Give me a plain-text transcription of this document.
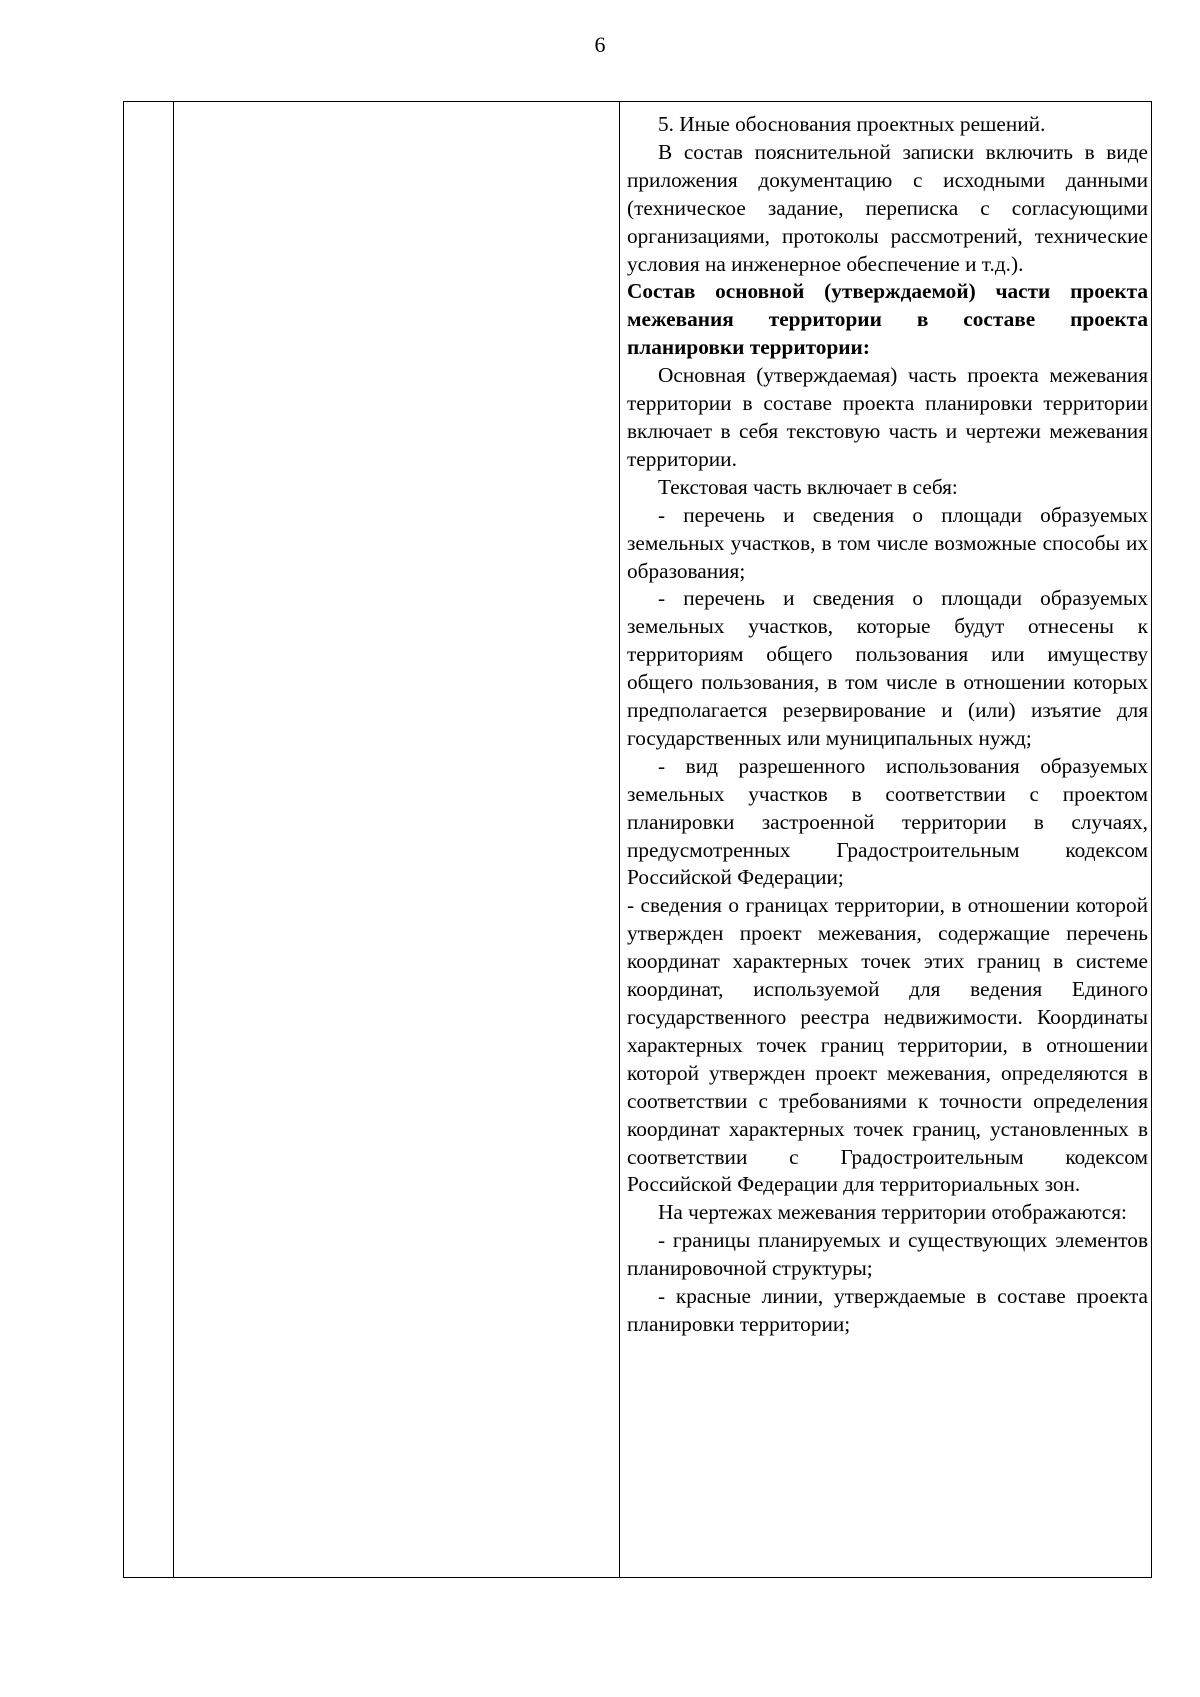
6

5. Иные обоснования проектных решений.

В состав пояснительной записки включить в виде приложения документацию с исходными данными (техническое задание, переписка с согласующими организациями, протоколы рассмотрений, технические условия на инженерное обеспечение и т.д.).

Состав основной (утверждаемой) части проекта межевания территории в составе проекта планировки территории:

Основная (утверждаемая) часть проекта межевания территории в составе проекта планировки территории включает в себя текстовую часть и чертежи межевания территории.

Текстовая часть включает в себя:

- перечень и сведения о площади образуемых земельных участков, в том числе возможные способы их образования;

- перечень и сведения о площади образуемых земельных участков, которые будут отнесены к территориям общего пользования или имуществу общего пользования, в том числе в отношении которых предполагается резервирование и (или) изъятие для государственных или муниципальных нужд;

- вид разрешенного использования образуемых земельных участков в соответствии с проектом планировки застроенной территории в случаях, предусмотренных Градостроительным кодексом Российской Федерации;

- сведения о границах территории, в отношении которой утвержден проект межевания, содержащие перечень координат характерных точек этих границ в системе координат, используемой для ведения Единого государственного реестра недвижимости. Координаты характерных точек границ территории, в отношении которой утвержден проект межевания, определяются в соответствии с требованиями к точности определения координат характерных точек границ, установленных в соответствии с Градостроительным кодексом Российской Федерации для территориальных зон.

На чертежах межевания территории отображаются:

- границы планируемых и существующих элементов планировочной структуры;

- красные линии, утверждаемые в составе проекта планировки территории;
